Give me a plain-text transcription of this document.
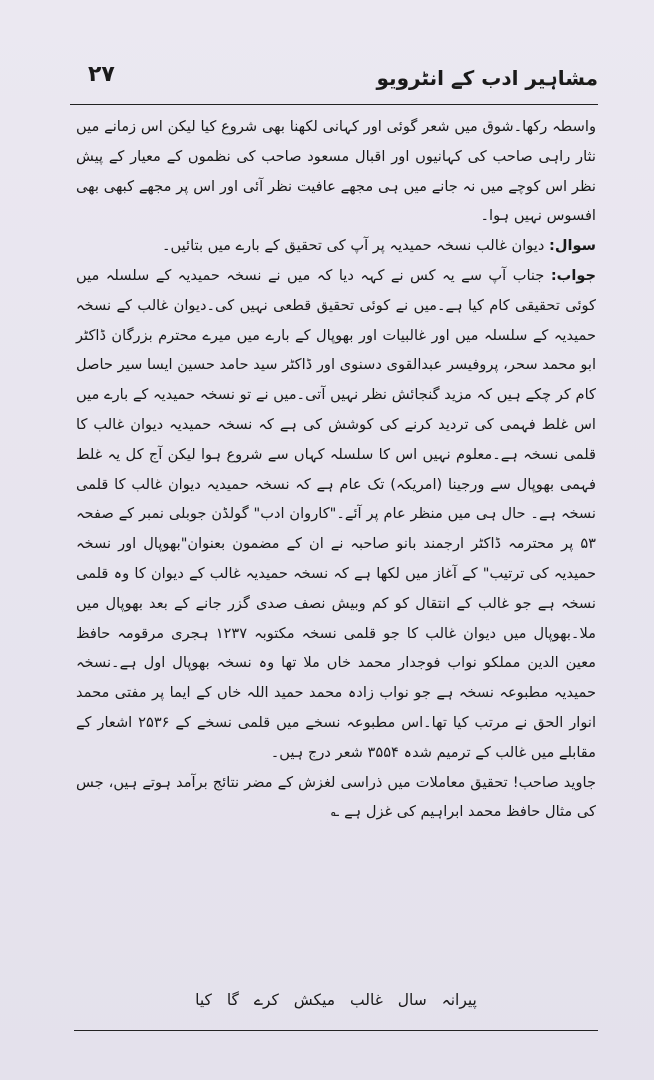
مشاہیر ادب کے انٹرویو
۲۷

واسطہ رکھا۔شوق میں شعر گوئی اور کہانی لکھنا بھی شروع کیا لیکن اس زمانے میں نثار راہی صاحب کی کہانیوں اور اقبال مسعود صاحب کی نظموں کے معیار کے پیش نظر اس کوچے میں نہ جانے میں ہی مجھے عافیت نظر آئی اور اس پر مجھے کبھی بھی افسوس نہیں ہوا۔

سوال: دیوان غالب نسخہ حمیدیہ پر آپ کی تحقیق کے بارے میں بتائیں۔

جواب: جناب آپ سے یہ کس نے کہہ دیا کہ میں نے نسخہ حمیدیہ کے سلسلہ میں کوئی تحقیقی کام کیا ہے۔میں نے کوئی تحقیق قطعی نہیں کی۔دیوان غالب کے نسخہ حمیدیہ کے سلسلہ میں اور غالبیات اور بھوپال کے بارے میں میرے محترم بزرگان ڈاکٹر ابو محمد سحر، پروفیسر عبدالقوی دسنوی اور ڈاکٹر سید حامد حسین ایسا سیر حاصل کام کر چکے ہیں کہ مزید گنجائش نظر نہیں آتی۔میں نے تو نسخہ حمیدیہ کے بارے میں اس غلط فہمی کی تردید کرنے کی کوشش کی ہے کہ نسخہ حمیدیہ دیوان غالب کا قلمی نسخہ ہے۔معلوم نہیں اس کا سلسلہ کہاں سے شروع ہوا لیکن آج کل یہ غلط فہمی بھوپال سے ورجینا (امریکہ) تک عام ہے کہ نسخہ حمیدیہ دیوان غالب کا قلمی نسخہ ہے۔ حال ہی میں منظر عام پر آئے۔"کاروان ادب" گولڈن جوبلی نمبر کے صفحہ ۵۳ پر محترمہ ڈاکٹر ارجمند بانو صاحبہ نے ان کے مضمون بعنوان"بھوپال اور نسخہ حمیدیہ کی ترتیب" کے آغاز میں لکھا ہے کہ نسخہ حمیدیہ غالب کے دیوان کا وہ قلمی نسخہ ہے جو غالب کے انتقال کو کم وبیش نصف صدی گزر جانے کے بعد بھوپال میں ملا۔بھوپال میں دیوان غالب کا جو قلمی نسخہ مکتوبہ ۱۲۳۷ ہجری مرقومہ حافظ معین الدین مملکو نواب فوجدار محمد خاں ملا تھا وہ نسخہ بھوپال اول ہے۔نسخہ حمیدیہ مطبوعہ نسخہ ہے جو نواب زادہ محمد حمید اللہ خاں کے ایما پر مفتی محمد انوار الحق نے مرتب کیا تھا۔اس مطبوعہ نسخے میں قلمی نسخے کے ۲۵۳۶ اشعار کے مقابلے میں غالب کے ترمیم شدہ ۳۵۵۴ شعر درج ہیں۔

جاوید صاحب! تحقیق معاملات میں ذراسی لغزش کے مضر نتائج برآمد ہوتے ہیں، جس کی مثال حافظ محمد ابراہیم کی غزل ہے ؎

پیرانہ سال غالب میکش کرے گا کیا
